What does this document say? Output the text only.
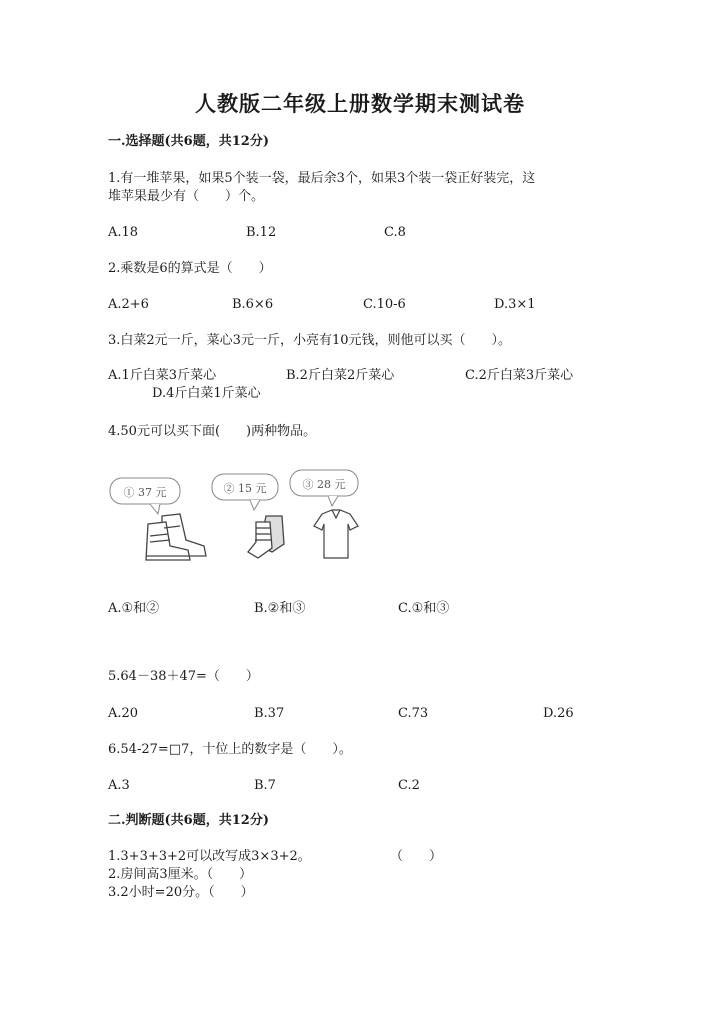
人教版二年级上册数学期末测试卷
一.选择题(共6题，共12分)
1.有一堆苹果，如果5个装一袋，最后余3个，如果3个装一袋正好装完，这
堆苹果最少有（　　）个。
A.18	B.12	C.8
2.乘数是6的算式是（　　）
A.2+6	B.6×6	C.10-6	D.3×1
3.白菜2元一斤，菜心3元一斤，小亮有10元钱，则他可以买（　　）。
A.1斤白菜3斤菜心	B.2斤白菜2斤菜心	C.2斤白菜3斤菜心
D.4斤白菜1斤菜心
4.50元可以买下面(　　)两种物品。
① 37 元	② 15 元	③ 28 元
A.①和②	B.②和③	C.①和③
5.64－38＋47=（　　）
A.20	B.37	C.73	D.26
6.54-27=□7，十位上的数字是（　　）。
A.3	B.7	C.2
二.判断题(共6题，共12分)
1.3+3+3+2可以改写成3×3+2。	（　　）
2.房间高3厘米。（　　）
3.2小时=20分。（　　）
